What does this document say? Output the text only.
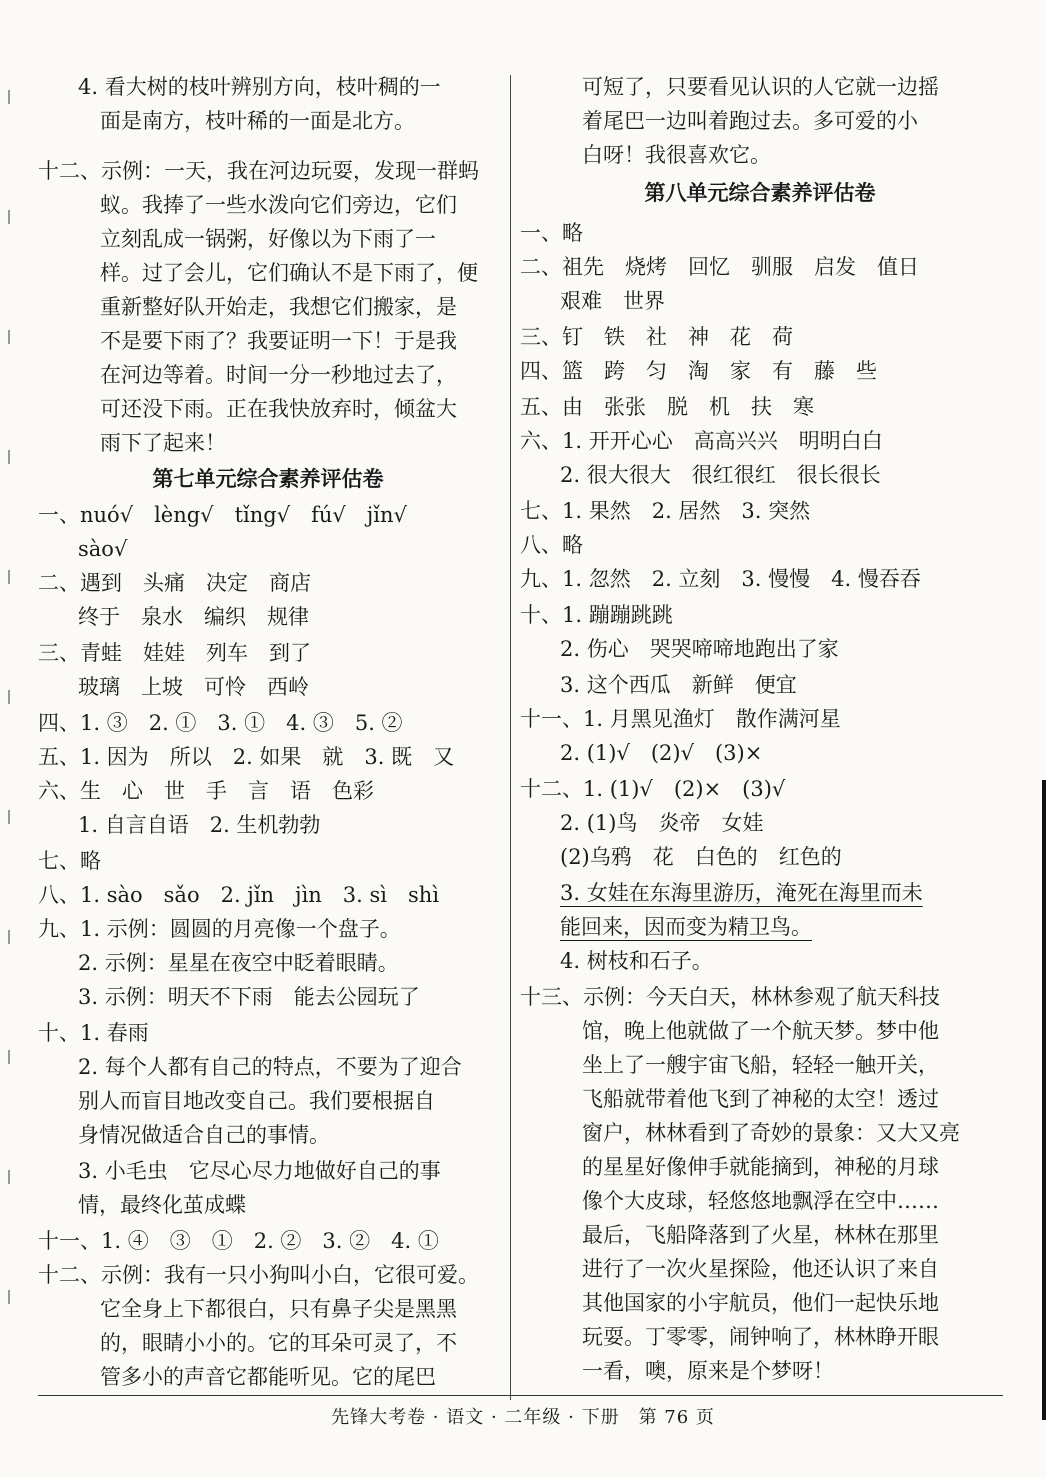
4. 看大树的枝叶辨别方向，枝叶稠的一
面是南方，枝叶稀的一面是北方。
十二、示例：一天，我在河边玩耍，发现一群蚂
蚁。我捧了一些水泼向它们旁边，它们
立刻乱成一锅粥，好像以为下雨了一
样。过了会儿，它们确认不是下雨了，便
重新整好队开始走，我想它们搬家，是
不是要下雨了？我要证明一下！于是我
在河边等着。时间一分一秒地过去了，
可还没下雨。正在我快放弃时，倾盆大
雨下了起来！
第七单元综合素养评估卷
一、nuó√　lèng√　tǐng√　fú√　jǐn√
sào√
二、遇到　头痛　决定　商店
终于　泉水　编织　规律
三、青蛙　娃娃　列车　到了
玻璃　上坡　可怜　西岭
四、1. ③　2. ①　3. ①　4. ③　5. ②
五、1. 因为　所以　2. 如果　就　3. 既　又
六、生　心　世　手　言　语　色彩
1. 自言自语　2. 生机勃勃
七、略
八、1. sào　sǎo　2. jǐn　jìn　3. sì　shì
九、1. 示例：圆圆的月亮像一个盘子。
2. 示例：星星在夜空中眨着眼睛。
3. 示例：明天不下雨　能去公园玩了
十、1. 春雨
2. 每个人都有自己的特点，不要为了迎合
别人而盲目地改变自己。我们要根据自
身情况做适合自己的事情。
3. 小毛虫　它尽心尽力地做好自己的事
情，最终化茧成蝶
十一、1. ④　③　①　2. ②　3. ②　4. ①
十二、示例：我有一只小狗叫小白，它很可爱。
它全身上下都很白，只有鼻子尖是黑黑
的，眼睛小小的。它的耳朵可灵了，不
管多小的声音它都能听见。它的尾巴
可短了，只要看见认识的人它就一边摇
着尾巴一边叫着跑过去。多可爱的小
白呀！我很喜欢它。
第八单元综合素养评估卷
一、略
二、祖先　烧烤　回忆　驯服　启发　值日
艰难　世界
三、钉　铁　社　神　花　荷
四、篮　跨　匀　淘　家　有　藤　些
五、由　张张　脱　机　扶　寒
六、1. 开开心心　高高兴兴　明明白白
2. 很大很大　很红很红　很长很长
七、1. 果然　2. 居然　3. 突然
八、略
九、1. 忽然　2. 立刻　3. 慢慢　4. 慢吞吞
十、1. 蹦蹦跳跳
2. 伤心　哭哭啼啼地跑出了家
3. 这个西瓜　新鲜　便宜
十一、1. 月黑见渔灯　散作满河星
2. (1)√　(2)√　(3)×
十二、1. (1)√　(2)×　(3)√
2. (1)鸟　炎帝　女娃
(2)乌鸦　花　白色的　红色的
3. 女娃在东海里游历，淹死在海里而未
能回来，因而变为精卫鸟。
4. 树枝和石子。
十三、示例：今天白天，林林参观了航天科技
馆，晚上他就做了一个航天梦。梦中他
坐上了一艘宇宙飞船，轻轻一触开关，
飞船就带着他飞到了神秘的太空！透过
窗户，林林看到了奇妙的景象：又大又亮
的星星好像伸手就能摘到，神秘的月球
像个大皮球，轻悠悠地飘浮在空中……
最后，飞船降落到了火星，林林在那里
进行了一次火星探险，他还认识了来自
其他国家的小宇航员，他们一起快乐地
玩耍。丁零零，闹钟响了，林林睁开眼
一看，噢，原来是个梦呀！
先锋大考卷 · 语文 · 二年级 · 下册　第 76 页
